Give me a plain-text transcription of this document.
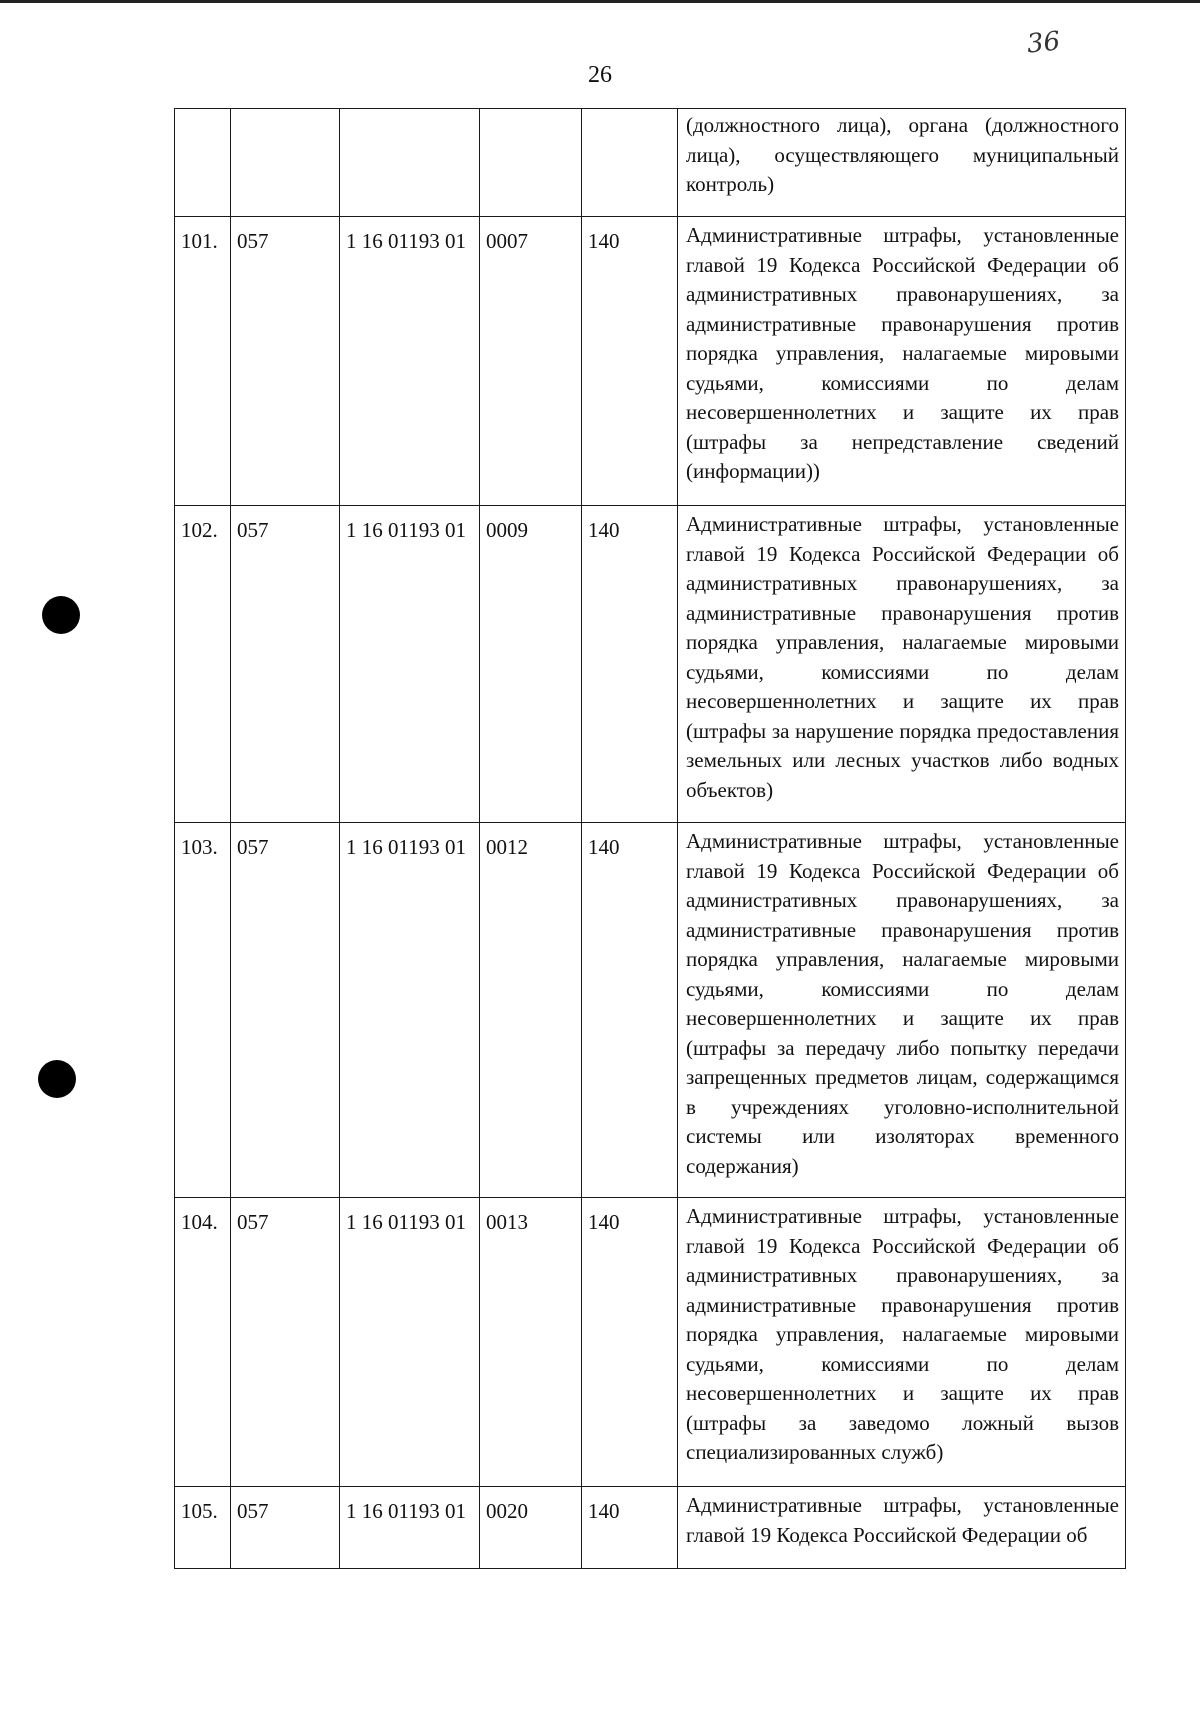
36
26
					(должностного лица), органа (должностного лица), осуществляющего муниципальный контроль)
101.	057	1 16 01193 01	0007	140	Административные штрафы, установленные главой 19 Кодекса Российской Федерации об административных правонарушениях, за административные правонарушения против порядка управления, налагаемые мировыми судьями, комиссиями по делам несовершеннолетних и защите их прав (штрафы за непредставление сведений (информации))
102.	057	1 16 01193 01	0009	140	Административные штрафы, установленные главой 19 Кодекса Российской Федерации об административных правонарушениях, за административные правонарушения против порядка управления, налагаемые мировыми судьями, комиссиями по делам несовершеннолетних и защите их прав (штрафы за нарушение порядка предоставления земельных или лесных участков либо водных объектов)
103.	057	1 16 01193 01	0012	140	Административные штрафы, установленные главой 19 Кодекса Российской Федерации об административных правонарушениях, за административные правонарушения против порядка управления, налагаемые мировыми судьями, комиссиями по делам несовершеннолетних и защите их прав (штрафы за передачу либо попытку передачи запрещенных предметов лицам, содержащимся в учреждениях уголовно-исполнительной системы или изоляторах временного содержания)
104.	057	1 16 01193 01	0013	140	Административные штрафы, установленные главой 19 Кодекса Российской Федерации об административных правонарушениях, за административные правонарушения против порядка управления, налагаемые мировыми судьями, комиссиями по делам несовершеннолетних и защите их прав (штрафы за заведомо ложный вызов специализированных служб)
105.	057	1 16 01193 01	0020	140	Административные штрафы, установленные главой 19 Кодекса Российской Федерации об
